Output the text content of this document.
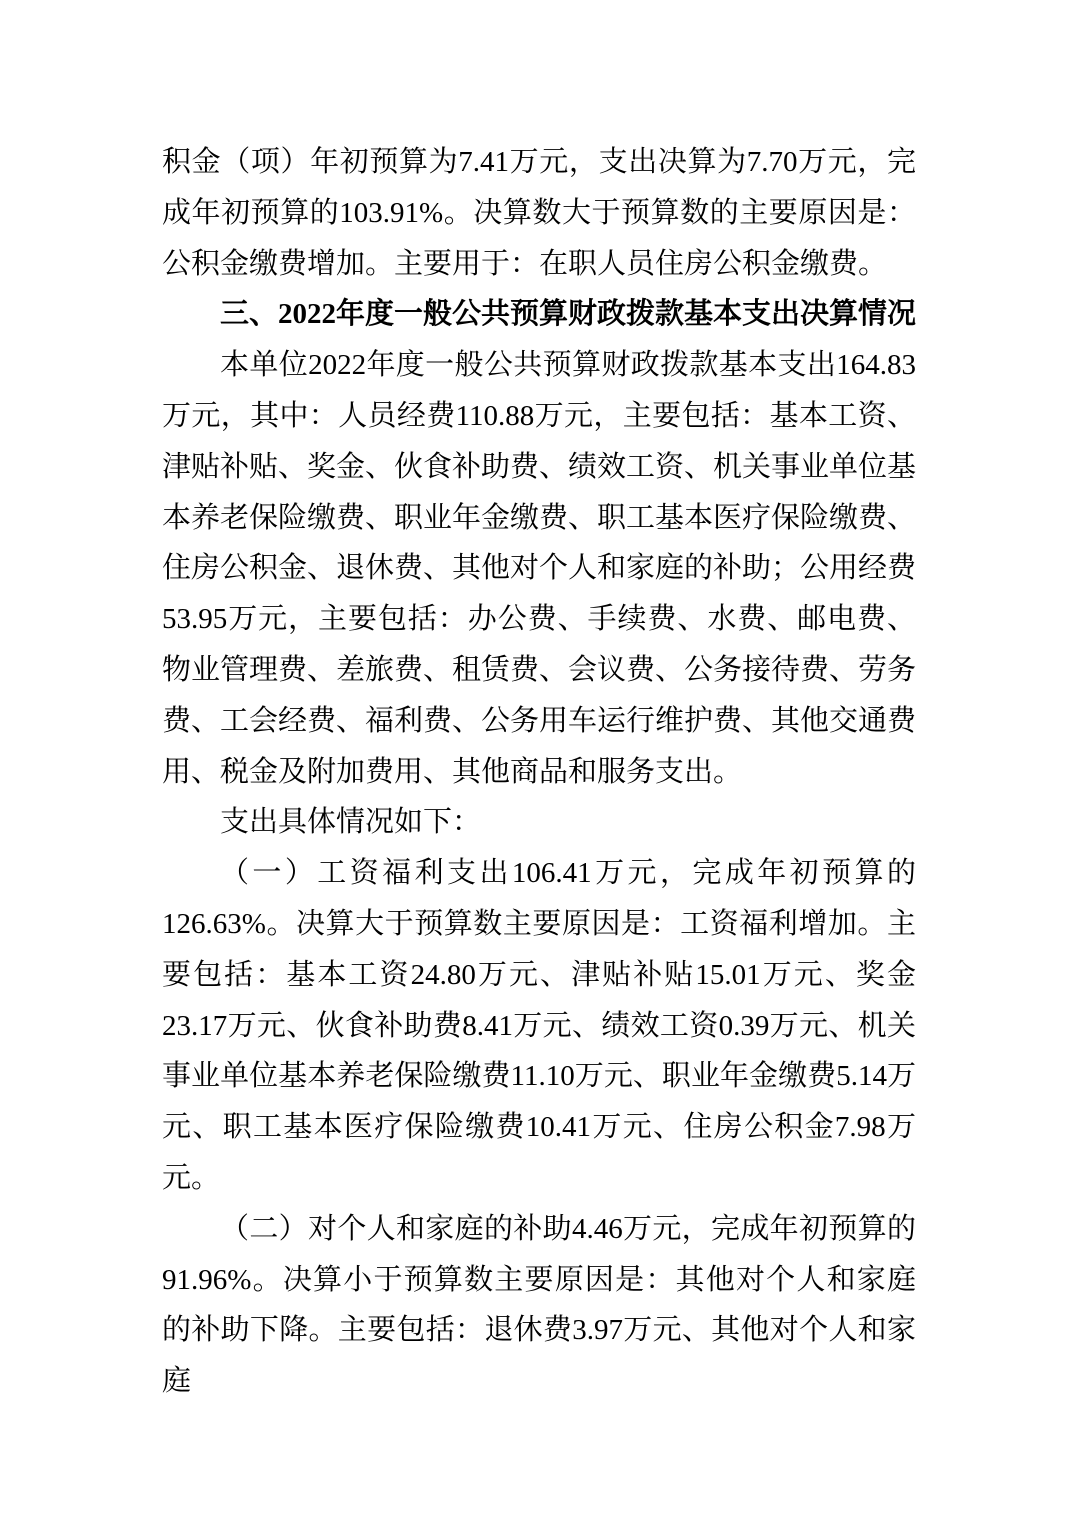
积金（项）年初预算为7.41万元，支出决算为7.70万元，完成年初预算的103.91%。决算数大于预算数的主要原因是：公积金缴费增加。主要用于：在职人员住房公积金缴费。

三、2022年度一般公共预算财政拨款基本支出决算情况

本单位2022年度一般公共预算财政拨款基本支出164.83万元，其中：人员经费110.88万元，主要包括：基本工资、津贴补贴、奖金、伙食补助费、绩效工资、机关事业单位基本养老保险缴费、职业年金缴费、职工基本医疗保险缴费、住房公积金、退休费、其他对个人和家庭的补助；公用经费53.95万元，主要包括：办公费、手续费、水费、邮电费、物业管理费、差旅费、租赁费、会议费、公务接待费、劳务费、工会经费、福利费、公务用车运行维护费、其他交通费用、税金及附加费用、其他商品和服务支出。

支出具体情况如下：

（一）工资福利支出106.41万元，完成年初预算的126.63%。决算大于预算数主要原因是：工资福利增加。主要包括：基本工资24.80万元、津贴补贴15.01万元、奖金23.17万元、伙食补助费8.41万元、绩效工资0.39万元、机关事业单位基本养老保险缴费11.10万元、职业年金缴费5.14万元、职工基本医疗保险缴费10.41万元、住房公积金7.98万元。

（二）对个人和家庭的补助4.46万元，完成年初预算的91.96%。决算小于预算数主要原因是：其他对个人和家庭的补助下降。主要包括：退休费3.97万元、其他对个人和家庭
